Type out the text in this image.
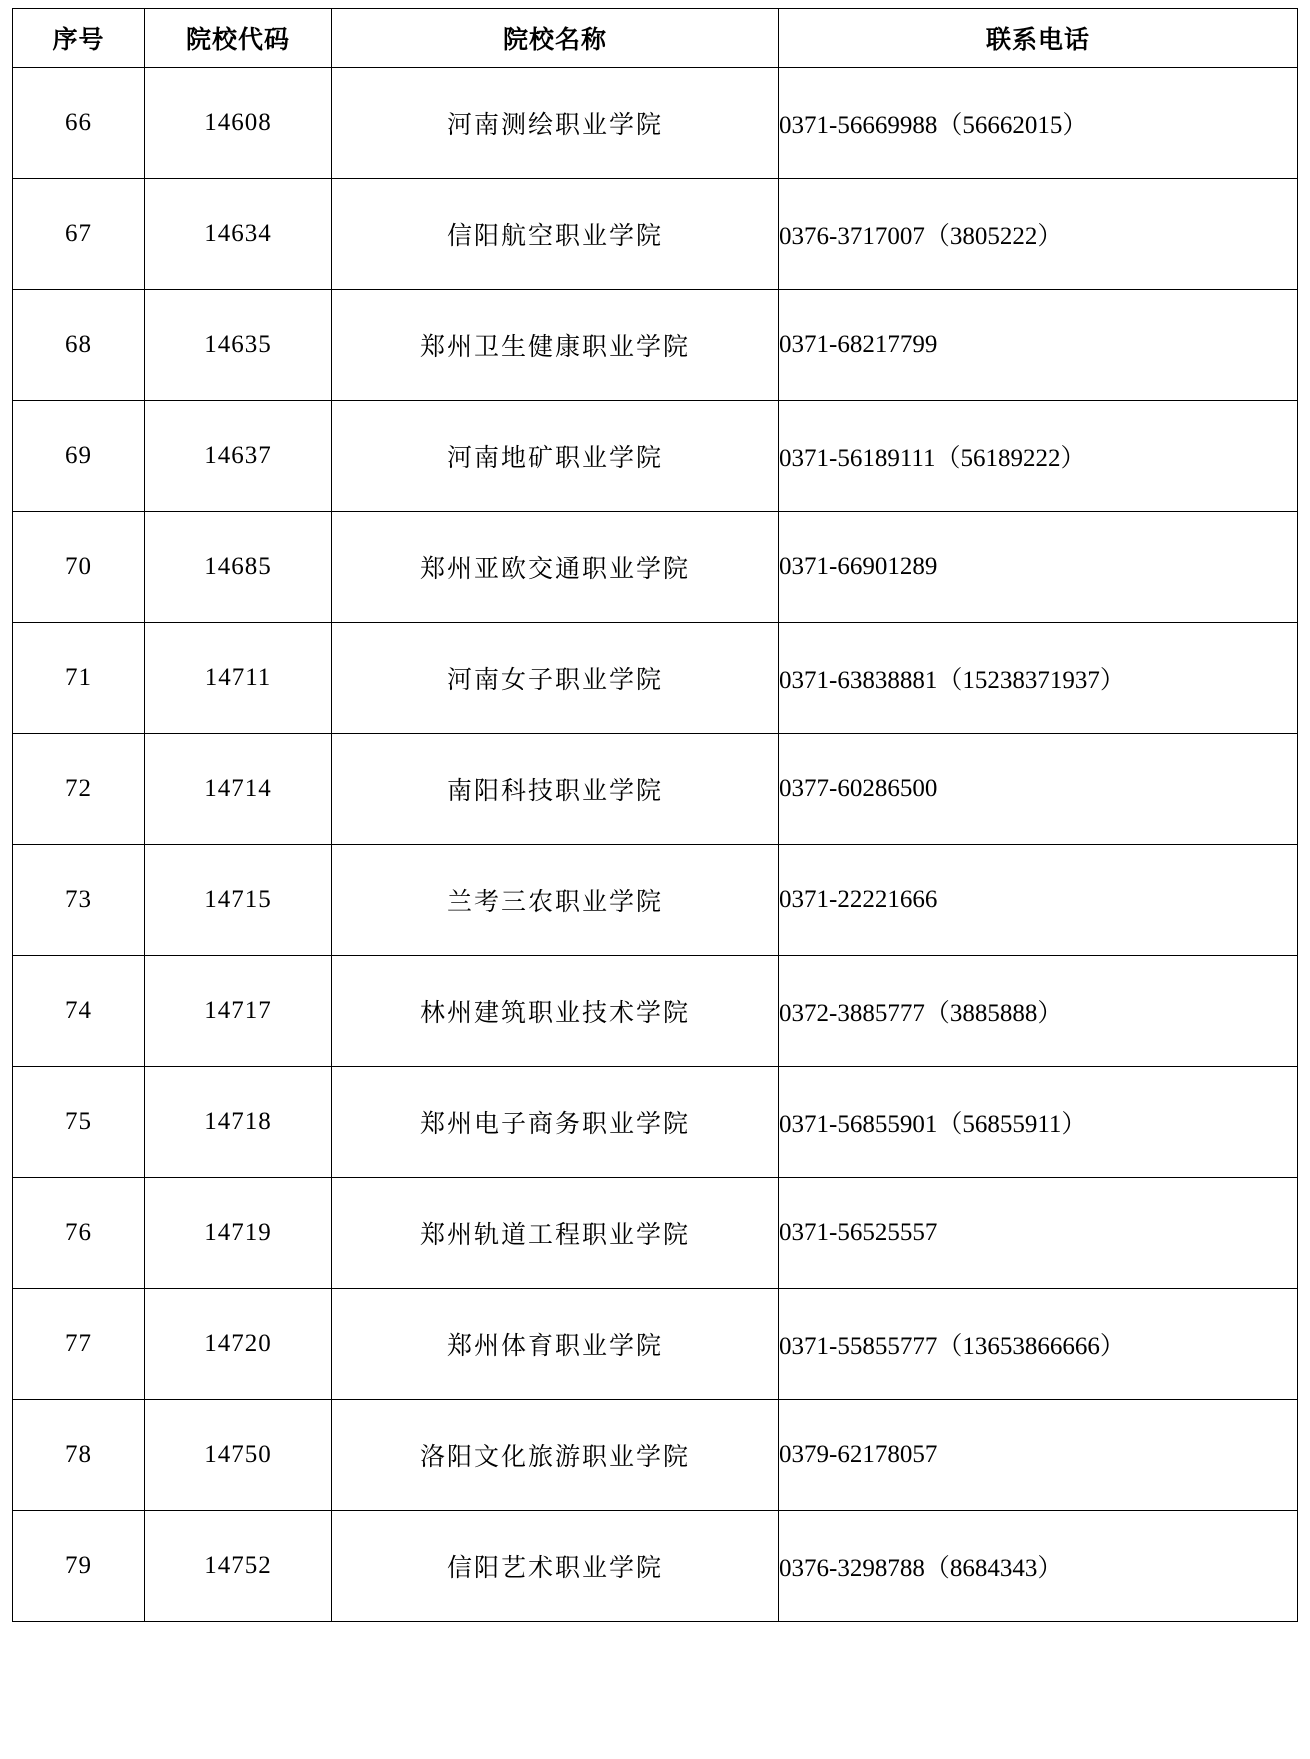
序号	院校代码	院校名称	联系电话
66	14608	河南测绘职业学院	0371-56669988（56662015）
67	14634	信阳航空职业学院	0376-3717007（3805222）
68	14635	郑州卫生健康职业学院	0371-68217799
69	14637	河南地矿职业学院	0371-56189111（56189222）
70	14685	郑州亚欧交通职业学院	0371-66901289
71	14711	河南女子职业学院	0371-63838881（15238371937）
72	14714	南阳科技职业学院	0377-60286500
73	14715	兰考三农职业学院	0371-22221666
74	14717	林州建筑职业技术学院	0372-3885777（3885888）
75	14718	郑州电子商务职业学院	0371-56855901（56855911）
76	14719	郑州轨道工程职业学院	0371-56525557
77	14720	郑州体育职业学院	0371-55855777（13653866666）
78	14750	洛阳文化旅游职业学院	0379-62178057
79	14752	信阳艺术职业学院	0376-3298788（8684343）
